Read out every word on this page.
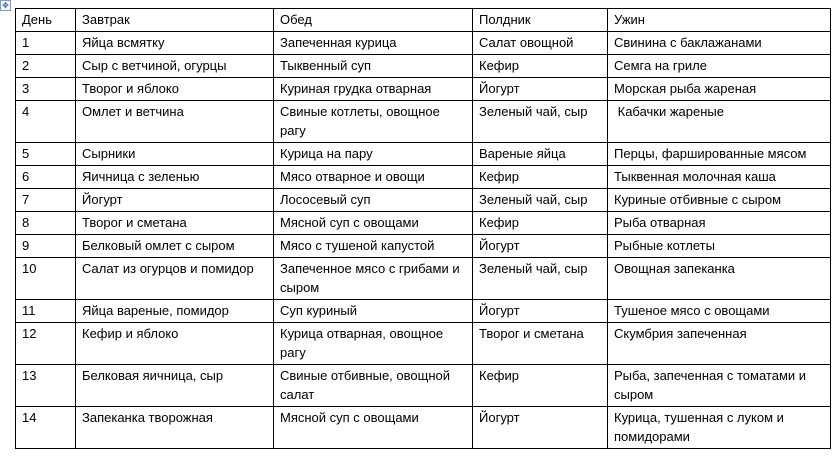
✥
День	Завтрак	Обед	Полдник	Ужин
1	Яйца всмятку	Запеченная курица	Салат овощной	Свинина с баклажанами
2	Сыр с ветчиной, огурцы	Тыквенный суп	Кефир	Семга на гриле
3	Творог и яблоко	Куриная грудка отварная	Йогурт	Морская рыба жареная
4	Омлет и ветчина	Свиные котлеты, овощное рагу	Зеленый чай, сыр	Кабачки жареные
5	Сырники	Курица на пару	Вареные яйца	Перцы, фаршированные мясом
6	Яичница с зеленью	Мясо отварное и овощи	Кефир	Тыквенная молочная каша
7	Йогурт	Лососевый суп	Зеленый чай, сыр	Куриные отбивные с сыром
8	Творог и сметана	Мясной суп с овощами	Кефир	Рыба отварная
9	Белковый омлет с сыром	Мясо с тушеной капустой	Йогурт	Рыбные котлеты
10	Салат из огурцов и помидор	Запеченное мясо с грибами и сыром	Зеленый чай, сыр	Овощная запеканка
11	Яйца вареные, помидор	Суп куриный	Йогурт	Тушеное мясо с овощами
12	Кефир и яблоко	Курица отварная, овощное рагу	Творог и сметана	Скумбрия запеченная
13	Белковая яичница, сыр	Свиные отбивные, овощной салат	Кефир	Рыба, запеченная с томатами и сыром
14	Запеканка творожная	Мясной суп с овощами	Йогурт	Курица, тушенная с луком и помидорами
